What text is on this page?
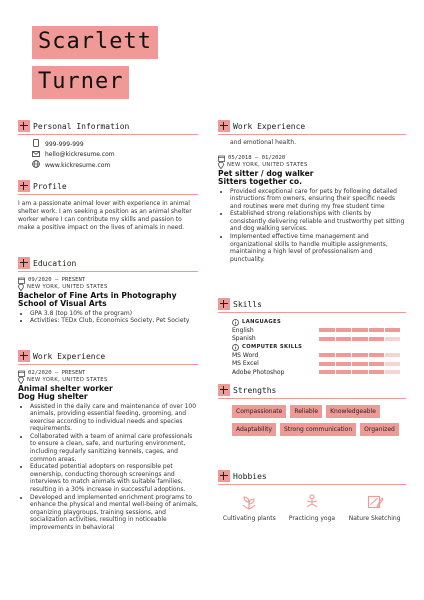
Scarlett
Turner
Personal Information
999-999-999
hello@kickresume.com
www.kickresume.com
Profile
I am a passionate animal lover with experience in animal shelter work. I am seeking a position as an animal shelter worker where I can contribute my skills and passion to make a positive impact on the lives of animals in need.
Education
09/2020 – PRESENT
NEW YORK, UNITED STATES
Bachelor of Fine Arts in Photography
School of Visual Arts
• GPA 3.8 (top 10% of the program)
• Activities: TEDx Club, Economics Society, Pet Society
Work Experience
02/2020 – PRESENT
NEW YORK, UNITED STATES
Animal shelter worker
Dog Hug shelter
• Assisted in the daily care and maintenance of over 100 animals, providing essential feeding, grooming, and exercise according to individual needs and species requirements.
• Collaborated with a team of animal care professionals to ensure a clean, safe, and nurturing environment, including regularly sanitizing kennels, cages, and common areas.
• Educated potential adopters on responsible pet ownership, conducting thorough screenings and interviews to match animals with suitable families, resulting in a 30% increase in successful adoptions.
• Developed and implemented enrichment programs to enhance the physical and mental well-being of animals, organizing playgroups, training sessions, and socialization activities, resulting in noticeable improvements in behavioral
Work Experience
and emotional health.
05/2018 – 01/2020
NEW YORK, UNITED STATES
Pet sitter / dog walker
Sitters together co.
• Provided exceptional care for pets by following detailed instructions from owners, ensuring their specific needs and routines were met during my free student time
• Established strong relationships with clients by consistently delivering reliable and trustworthy pet sitting and dog walking services.
• Implemented effective time management and organizational skills to handle multiple assignments, maintaining a high level of professionalism and punctuality.
Skills
LANGUAGES
English
Spanish
COMPUTER SKILLS
MS Word
MS Excel
Adobe Photoshop
Strengths
Compassionate	Reliable	Knowledgeable
Adaptability	Strong communication	Organized
Hobbies
Cultivating plants	Practicing yoga	Nature Sketching
